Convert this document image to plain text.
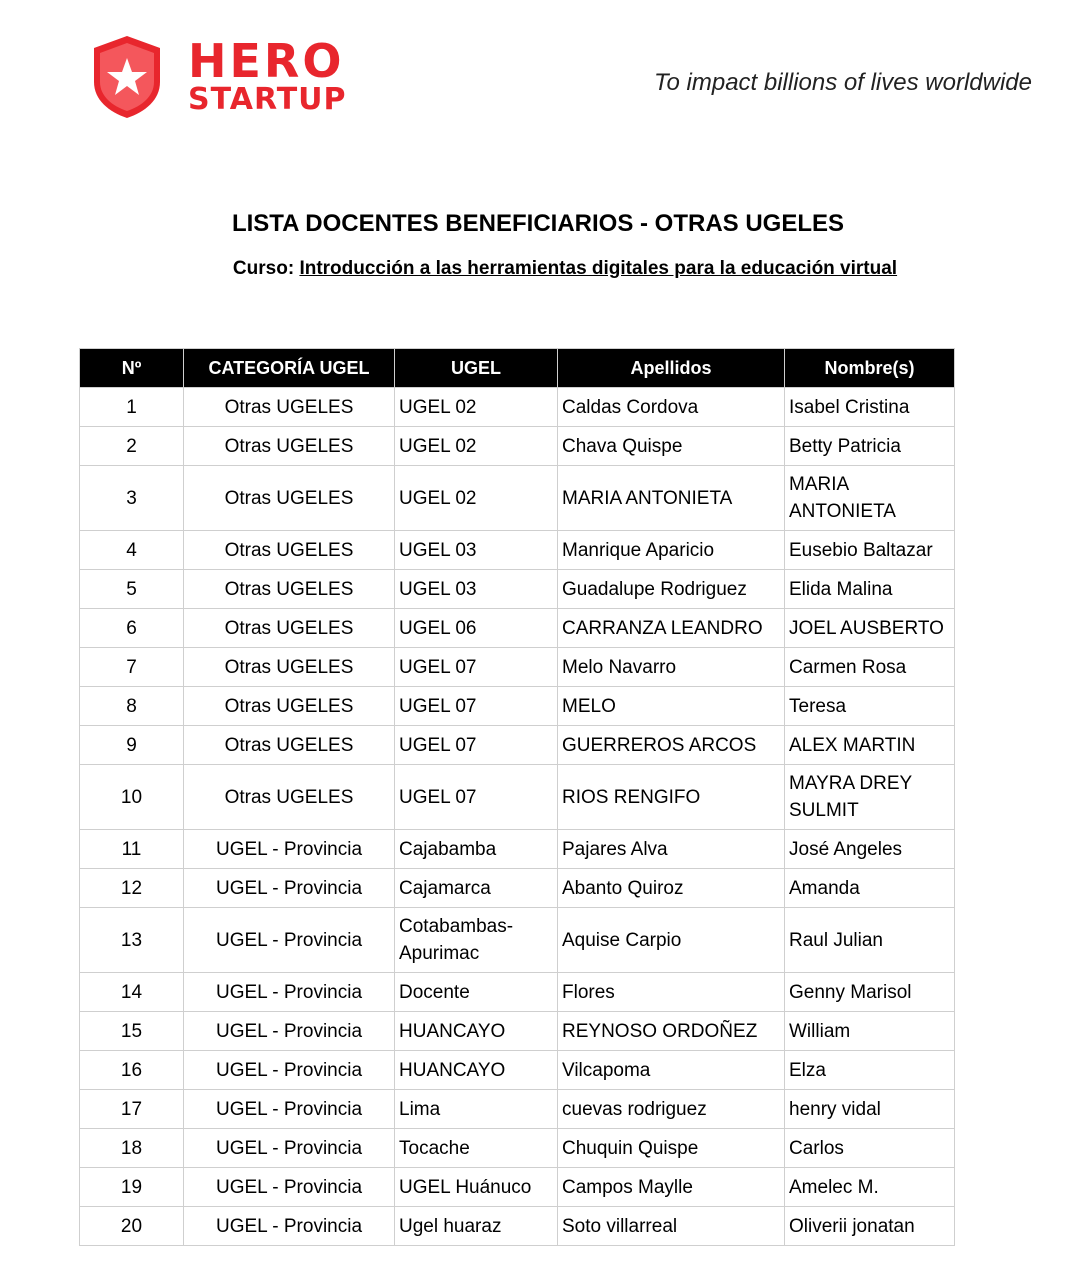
HERO
STARTUP	To impact billions of lives worldwide
LISTA DOCENTES BENEFICIARIOS - OTRAS UGELES
Curso: Introducción a las herramientas digitales para la educación virtual
Nº	CATEGORÍA UGEL	UGEL	Apellidos	Nombre(s)
1	Otras UGELES	UGEL 02	Caldas Cordova	Isabel Cristina
2	Otras UGELES	UGEL 02	Chava Quispe	Betty Patricia
3	Otras UGELES	UGEL 02	MARIA ANTONIETA	MARIA ANTONIETA
4	Otras UGELES	UGEL 03	Manrique Aparicio	Eusebio Baltazar
5	Otras UGELES	UGEL 03	Guadalupe Rodriguez	Elida Malina
6	Otras UGELES	UGEL 06	CARRANZA LEANDRO	JOEL AUSBERTO
7	Otras UGELES	UGEL 07	Melo Navarro	Carmen Rosa
8	Otras UGELES	UGEL 07	MELO	Teresa
9	Otras UGELES	UGEL 07	GUERREROS ARCOS	ALEX MARTIN
10	Otras UGELES	UGEL 07	RIOS RENGIFO	MAYRA DREY SULMIT
11	UGEL - Provincia	Cajabamba	Pajares Alva	José Angeles
12	UGEL - Provincia	Cajamarca	Abanto Quiroz	Amanda
13	UGEL - Provincia	Cotabambas-Apurimac	Aquise Carpio	Raul Julian
14	UGEL - Provincia	Docente	Flores	Genny Marisol
15	UGEL - Provincia	HUANCAYO	REYNOSO ORDOÑEZ	William
16	UGEL - Provincia	HUANCAYO	Vilcapoma	Elza
17	UGEL - Provincia	Lima	cuevas rodriguez	henry vidal
18	UGEL - Provincia	Tocache	Chuquin Quispe	Carlos
19	UGEL - Provincia	UGEL Huánuco	Campos Maylle	Amelec M.
20	UGEL - Provincia	Ugel huaraz	Soto villarreal	Oliverii jonatan
